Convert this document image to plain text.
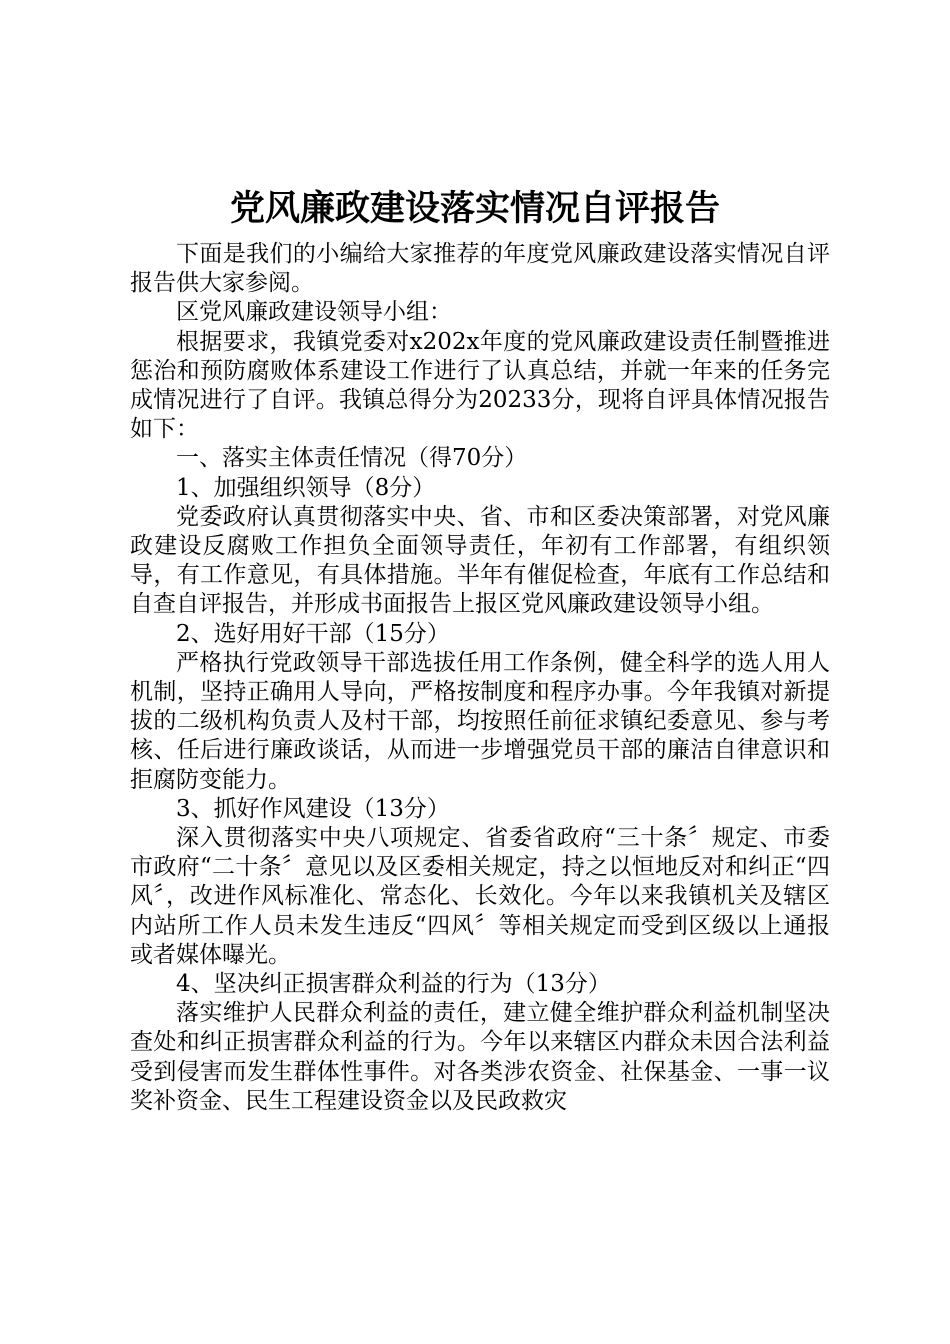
党风廉政建设落实情况自评报告

下面是我们的小编给大家推荐的年度党风廉政建设落实情况自评报告供大家参阅。

区党风廉政建设领导小组：

根据要求，我镇党委对x202x年度的党风廉政建设责任制暨推进惩治和预防腐败体系建设工作进行了认真总结，并就一年来的任务完成情况进行了自评。我镇总得分为20233分，现将自评具体情况报告如下：

一、落实主体责任情况（得70分）

1、加强组织领导（8分）

党委政府认真贯彻落实中央、省、市和区委决策部署，对党风廉政建设反腐败工作担负全面领导责任，年初有工作部署，有组织领导，有工作意见，有具体措施。半年有催促检查，年底有工作总结和自查自评报告，并形成书面报告上报区党风廉政建设领导小组。

2、选好用好干部（15分）

严格执行党政领导干部选拔任用工作条例，健全科学的选人用人机制，坚持正确用人导向，严格按制度和程序办事。今年我镇对新提拔的二级机构负责人及村干部，均按照任前征求镇纪委意见、参与考核、任后进行廉政谈话，从而进一步增强党员干部的廉洁自律意识和拒腐防变能力。

3、抓好作风建设（13分）

深入贯彻落实中央八项规定、省委省政府“三十条〞规定、市委市政府“二十条〞意见以及区委相关规定，持之以恒地反对和纠正“四风〞，改进作风标准化、常态化、长效化。今年以来我镇机关及辖区内站所工作人员未发生违反“四风〞等相关规定而受到区级以上通报或者媒体曝光。

4、坚决纠正损害群众利益的行为（13分）

落实维护人民群众利益的责任，建立健全维护群众利益机制坚决查处和纠正损害群众利益的行为。今年以来辖区内群众未因合法利益受到侵害而发生群体性事件。对各类涉农资金、社保基金、一事一议奖补资金、民生工程建设资金以及民政救灾
